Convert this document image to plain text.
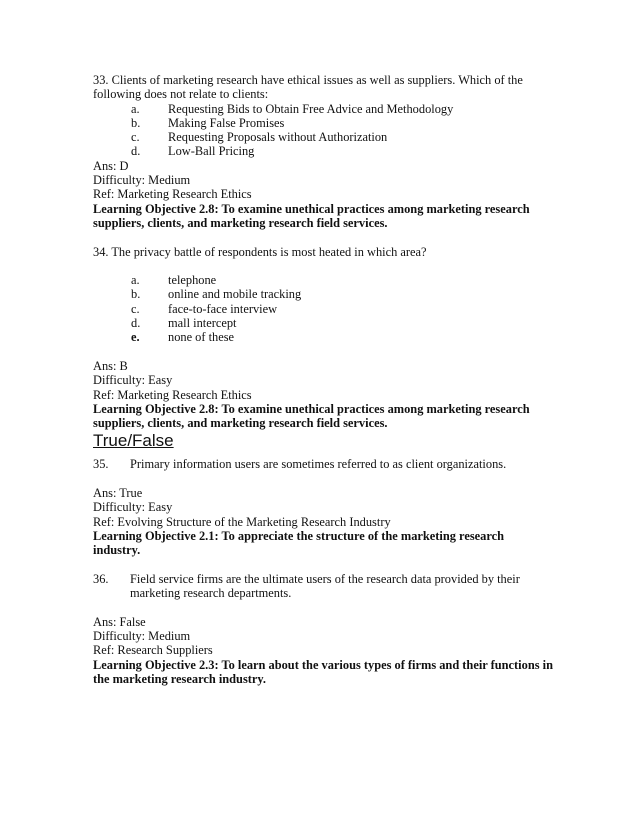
33. Clients of marketing research have ethical issues as well as suppliers. Which of the
following does not relate to clients:
a.	Requesting Bids to Obtain Free Advice and Methodology
b.	Making False Promises
c.	Requesting Proposals without Authorization
d.	Low-Ball Pricing
Ans: D
Difficulty: Medium
Ref: Marketing Research Ethics
Learning Objective 2.8: To examine unethical practices among marketing research suppliers, clients, and marketing research field services.
34. The privacy battle of respondents is most heated in which area?
a.	telephone
b.	online and mobile tracking
c.	face-to-face interview
d.	mall intercept
e.	none of these
Ans: B
Difficulty: Easy
Ref: Marketing Research Ethics
Learning Objective 2.8: To examine unethical practices among marketing research suppliers, clients, and marketing research field services.
True/False
35.	Primary information users are sometimes referred to as client organizations.
Ans: True
Difficulty: Easy
Ref: Evolving Structure of the Marketing Research Industry
Learning Objective 2.1: To appreciate the structure of the marketing research industry.
36.	Field service firms are the ultimate users of the research data provided by their marketing research departments.
Ans: False
Difficulty: Medium
Ref: Research Suppliers
Learning Objective 2.3: To learn about the various types of firms and their functions in the marketing research industry.
